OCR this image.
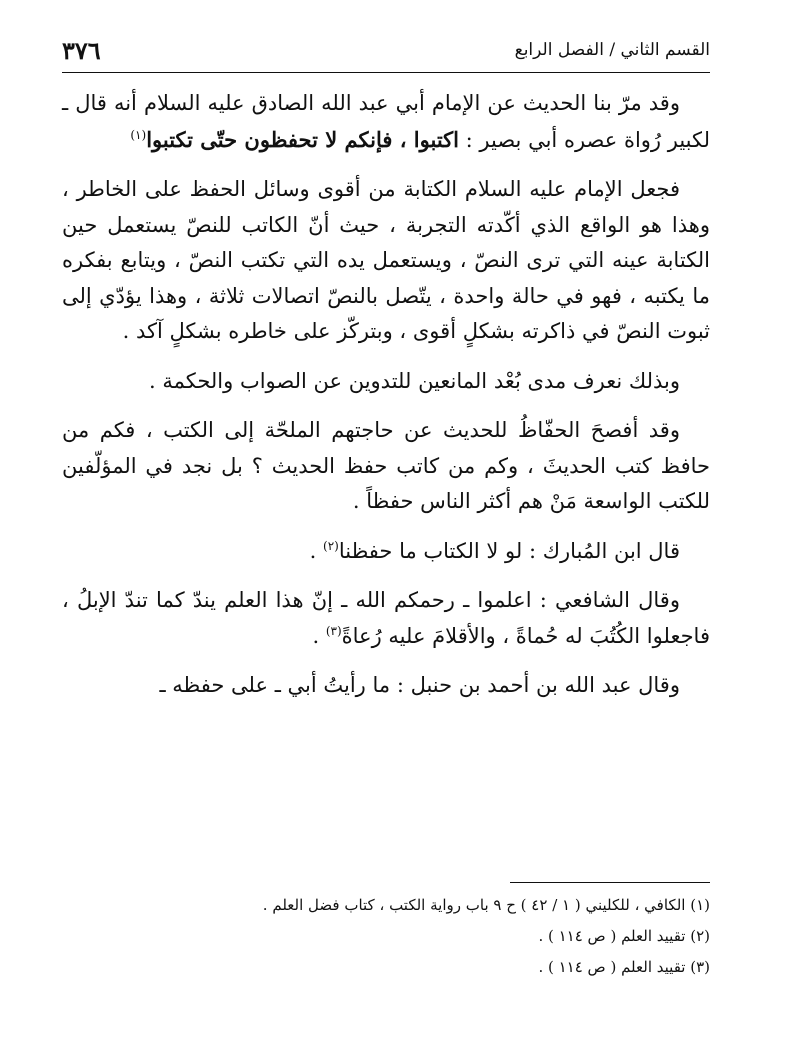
٣٧٦	القسم الثاني / الفصل الرابع

وقد مرّ بنا الحديث عن الإمام أبي عبد الله الصادق عليه السلام أنه قال ـ لكبير رُواة عصره أبي بصير : اكتبوا ، فإنكم لا تحفظون حتّى تكتبوا$^{(١)}$

فجعل الإمام عليه السلام الكتابة من أقوى وسائل الحفظ على الخاطر ، وهذا هو الواقع الذي أكّدته التجربة ، حيث أنّ الكاتب للنصّ يستعمل حين الكتابة عينه التي ترى النصّ ، ويستعمل يده التي تكتب النصّ ، ويتابع بفكره ما يكتبه ، فهو في حالة واحدة ، يتّصل بالنصّ اتصالات ثلاثة ، وهذا يؤدّي إلى ثبوت النصّ في ذاكرته بشكلٍ أقوى ، وبتركّز على خاطره بشكلٍ آكد .

وبذلك نعرف مدى بُعْد المانعين للتدوين عن الصواب والحكمة .

وقد أفصحَ الحفّاظُ للحديث عن حاجتهم الملحّة إلى الكتب ، فكم من حافظ كتب الحديثَ ، وكم من كاتب حفظ الحديث ؟ بل نجد في المؤلّفين للكتب الواسعة مَنْ هم أكثر الناس حفظاً .

قال ابن المُبارك : لو لا الكتاب ما حفظنا$^{(٢)}$ .

وقال الشافعي : اعلموا ـ رحمكم الله ـ إنّ هذا العلم يندّ كما تندّ الإبلُ ، فاجعلوا الكُتُبَ له حُماةً ، والأقلامَ عليه رُعاةً$^{(٣)}$ .

وقال عبد الله بن أحمد بن حنبل : ما رأيتُ أبي ـ على حفظه ـ

(١) الكافي ، للكليني ( ١ / ٤٢ ) ح ٩ باب رواية الكتب ، كتاب فضل العلم .

(٢) تقييد العلم ( ص ١١٤ ) .

(٣) تقييد العلم ( ص ١١٤ ) .
